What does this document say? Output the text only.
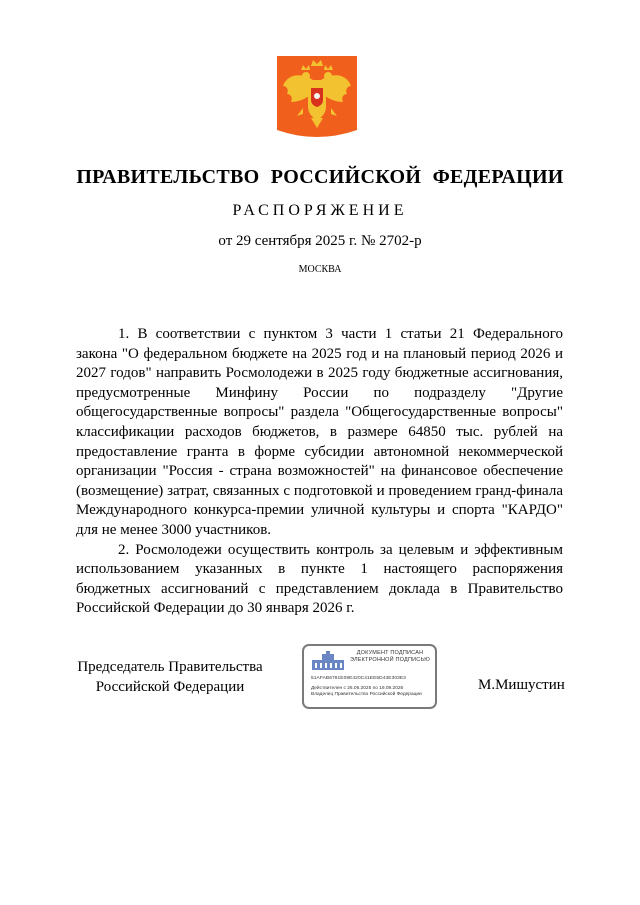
ПРАВИТЕЛЬСТВО РОССИЙСКОЙ ФЕДЕРАЦИИ
РАСПОРЯЖЕНИЕ
от 29 сентября 2025 г. № 2702-р
МОСКВА

1. В соответствии с пунктом 3 части 1 статьи 21 Федерального закона "О федеральном бюджете на 2025 год и на плановый период 2026 и 2027 годов" направить Росмолодежи в 2025 году бюджетные ассигнования, предусмотренные Минфину России по подразделу "Другие общегосударственные вопросы" раздела "Общегосударственные вопросы" классификации расходов бюджетов, в размере 64850 тыс. рублей на предоставление гранта в форме субсидии автономной некоммерческой организации "Россия - страна возможностей" на финансовое обеспечение (возмещение) затрат, связанных с подготовкой и проведением гранд-финала Международного конкурса-премии уличной культуры и спорта "КАРДО" для не менее 3000 участников.

2. Росмолодежи осуществить контроль за целевым и эффективным использованием указанных в пункте 1 настоящего распоряжения бюджетных ассигнований с представлением доклада в Правительство Российской Федерации до 30 января 2026 г.

Председатель Правительства
Российской Федерации
ДОКУМЕНТ ПОДПИСАН
ЭЛЕКТРОННОЙ ПОДПИСЬЮ
51AFAB6781E09E420C41EE5D43E303E3
Действителен с 26.06.2025 по 19.09.2026
Владелец Правительство Российской Федерации
М.Мишустин
